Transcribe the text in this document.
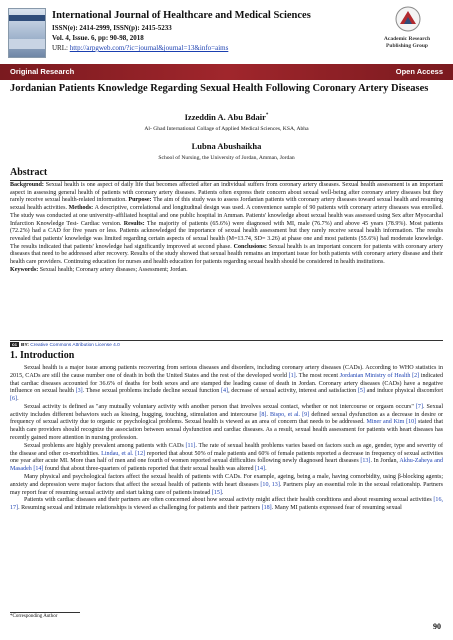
International Journal of Healthcare and Medical Sciences
ISSN(e): 2414-2999, ISSN(p): 2415-5233
Vol. 4, Issue. 6, pp: 90-98, 2018
URL: http://arpgweb.com/?ic=journal&journal=13&info=aims
Academic Research Publishing Group
Original Research	Open Access
Jordanian Patients Knowledge Regarding Sexual Health Following Coronary Artery Diseases
Izzeddin A. Abu Bdair*
Al- Ghad International Collage of Applied Medical Sciences, KSA, Abha
Lubna Abushaikha
School of Nursing, the University of Jordan, Amman, Jordan
Abstract
Background: Sexual health is one aspect of daily life that becomes affected after an individual suffers from coronary artery diseases. Sexual health assessment is an important aspect in assessing general health of patients with coronary artery diseases. Patients often express their concern about sexual well-being after coronary artery diseases but they rarely receive sexual health-related information. Purpose: The aim of this study was to assess Jordanian patients with coronary artery diseases toward sexual health and resuming sexual health activities. Methods: A descriptive, correlational and longitudinal design was used. A convenience sample of 90 patients with coronary artery diseases was enrolled. The study was conducted at one university-affiliated hospital and one public hospital in Amman. Patients' knowledge about sexual health was assessed using Sex after Myocardial Infarction Knowledge Test- Cardiac version. Results: The majority of patients (65.6%) were diagnosed with MI, male (76.7%) and above 45 years (78.9%). Most patients (72.2%) had a CAD for five years or less. Patients acknowledged the importance of sexual health assessment but they rarely receive sexual health information. The results revealed that patients' knowledge was limited regarding certain aspects of sexual health (M=13.74, SD= 3.26) at phase one and most patients (55.6%) had moderate knowledge. The results indicated that patients' knowledge had significantly improved at second phase. Conclusions: Sexual health is an important concern for patients with coronary artery diseases that need to be addressed after recovery. Results of the study showed that sexual health remains an important issue for both patients with coronary artery disease and their health care providers. Continuing education for nurses and health education for patients regarding sexual health should be considered in health institutions.
Keywords: Sexual health; Coronary artery diseases; Assessment; Jordan.
cc BY: Creative Commons Attribution License 4.0
1. Introduction

Sexual health is a major issue among patients recovering from serious diseases and disorders, including coronary artery diseases (CADs). According to WHO statistics in 2015, CADs are still the cause number one of death in both the United States and the rest of the developed world [1]. The most recent Jordanian Ministry of Health [2] indicated that cardiac diseases accounted for 36.6% of deaths for both sexes and are stamped the leading cause of death in Jordan. Coronary artery diseases (CADs) have a negative influence on sexual health [3]. These sexual problems include decline sexual function [4], decrease of sexual activity, interest and satisfaction [5] and induce physical discomfort [6].

Sexual activity is defined as "any mutually voluntary activity with another person that involves sexual contact, whether or not intercourse or orgasm occurs" [7]. Sexual activity includes different behaviors such as kissing, hugging, touching, stimulation and intercourse [8]. Bispo, et al. [9] defined sexual dysfunction as a decrease in desire or frequency of sexual activity due to organic or psychological problems. Sexual health is viewed as an area of concern that needs to be addressed. Miner and Kim [10] stated that health care providers should recognize the association between sexual dysfunction and cardiac diseases. As a result, sexual health assessment for patients with heart diseases has recently gained more attention in nursing profession.

Sexual problems are highly prevalent among patients with CADs [11]. The rate of sexual health problems varies based on factors such as age, gender, type and severity of the disease and other co-morbidities. Lindau, et al. [12] reported that about 50% of male patients and 60% of female patients reported a decrease in frequency of sexual activities one year after acute MI. More than half of men and one fourth of women reported sexual difficulties following newly diagnosed heart diseases [13]. In Jordan, Akhu-Zaheya and Masadeh [14] found that about three-quarters of patients reported that their sexual health was altered [14].

Many physical and psychological factors affect the sexual health of patients with CADs. For example, ageing, being a male, having comorbidity, using β-blocking agents; anxiety and depression were major factors that affect the sexual health of patients with heart diseases [10, 13]. Partners play an essential role in the sexual relationship. Partners may report fear of resuming sexual activity and start taking care of patients instead [15].

Patients with cardiac diseases and their partners are often concerned about how sexual activity might affect their health conditions and about resuming sexual activities [16, 17]. Resuming sexual and intimate relationships is viewed as challenging for patients and their partners [18]. Many MI patients expressed fear of resuming sexual

*Corresponding Author
90
